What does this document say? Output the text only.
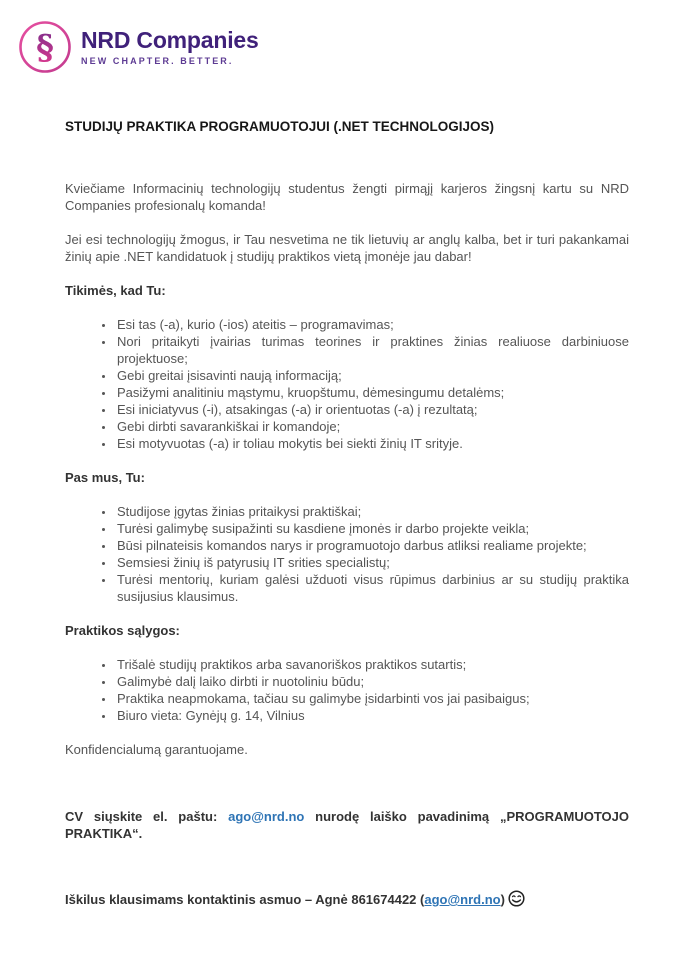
§ NRD Companies
NEW CHAPTER. BETTER.
STUDIJŲ PRAKTIKA PROGRAMUOTOJUI (.NET TECHNOLOGIJOS)

Kviečiame Informacinių technologijų studentus žengti pirmąjį karjeros žingsnį kartu su NRD Companies profesionalų komanda!

Jei esi technologijų žmogus, ir Tau nesvetima ne tik lietuvių ar anglų kalba, bet ir turi pakankamai žinių apie .NET kandidatuok į studijų praktikos vietą įmonėje jau dabar!

Tikimės, kad Tu:
• Esi tas (-a), kurio (-ios) ateitis – programavimas;
• Nori pritaikyti įvairias turimas teorines ir praktines žinias realiuose darbiniuose projektuose;
• Gebi greitai įsisavinti naują informaciją;
• Pasižymi analitiniu mąstymu, kruopštumu, dėmesingumu detalėms;
• Esi iniciatyvus (-i), atsakingas (-a) ir orientuotas (-a) į rezultatą;
• Gebi dirbti savarankiškai ir komandoje;
• Esi motyvuotas (-a) ir toliau mokytis bei siekti žinių IT srityje.
Pas mus, Tu:
• Studijose įgytas žinias pritaikysi praktiškai;
• Turėsi galimybę susipažinti su kasdiene įmonės ir darbo projekte veikla;
• Būsi pilnateisis komandos narys ir programuotojo darbus atliksi realiame projekte;
• Semsiesi žinių iš patyrusių IT srities specialistų;
• Turėsi mentorių, kuriam galėsi užduoti visus rūpimus darbinius ar su studijų praktika susijusius klausimus.
Praktikos sąlygos:
• Trišalė studijų praktikos arba savanoriškos praktikos sutartis;
• Galimybė dalį laiko dirbti ir nuotoliniu būdu;
• Praktika neapmokama, tačiau su galimybe įsidarbinti vos jai pasibaigus;
• Biuro vieta: Gynėjų g. 14, Vilnius

Konfidencialumą garantuojame.

CV siųskite el. paštu: ago@nrd.no nurodę laiško pavadinimą „PROGRAMUOTOJO PRAKTIKA“.

Iškilus klausimams kontaktinis asmuo – Agnė 861674422 (ago@nrd.no)
